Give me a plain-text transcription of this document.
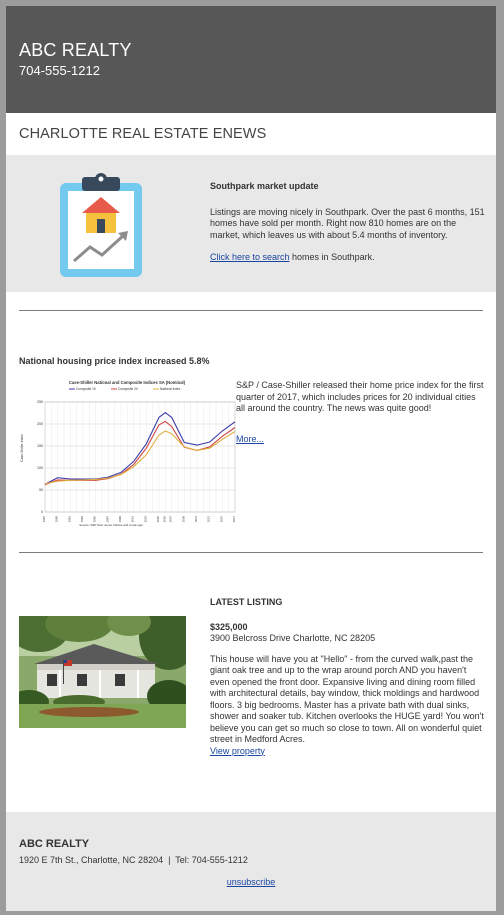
ABC REALTY
704-555-1212
CHARLOTTE REAL ESTATE ENEWS
Southpark market update

Listings are moving nicely in Southpark. Over the past 6 months, 151 homes have sold per month. Right now 810 homes are on the market, which leaves us with about 5.4 months of inventory.

Click here to search homes in Southpark.

National housing price index increased 5.8%
Case-Shiller National and Composite Indices SA (Nominal)
Composite 10	Composite 20	National Index
0
50
100
150
200
250
Case-Shiller Index
1987	1989	1991	1993	1995	1997	1999	2001	2003	2005 2006 2007	2009	2011	2013	2015	2017
Source: S&P Dow Jones Indices and CoreLogic

S&P / Case-Shiller released their home price index for the first quarter of 2017, which includes prices for 20 individual cities all around the country. The news was quite good!

More...
LATEST LISTING

$325,000

3900 Belcross Drive Charlotte, NC 28205

This house will have you at "Hello" - from the curved walk,past the giant oak tree and up to the wrap around porch AND you haven't even opened the front door. Expansive living and dining room filled with architectural details, bay window, thick moldings and hardwood floors. 3 big bedrooms. Master has a private bath with dual sinks, shower and soaker tub. Kitchen overlooks the HUGE yard! You won't believe you can get so much so close to town. All on wonderful quiet street in Medford Acres.

View property
ABC REALTY
1920 E 7th St., Charlotte, NC 28204  |  Tel: 704-555-1212
unsubscribe
